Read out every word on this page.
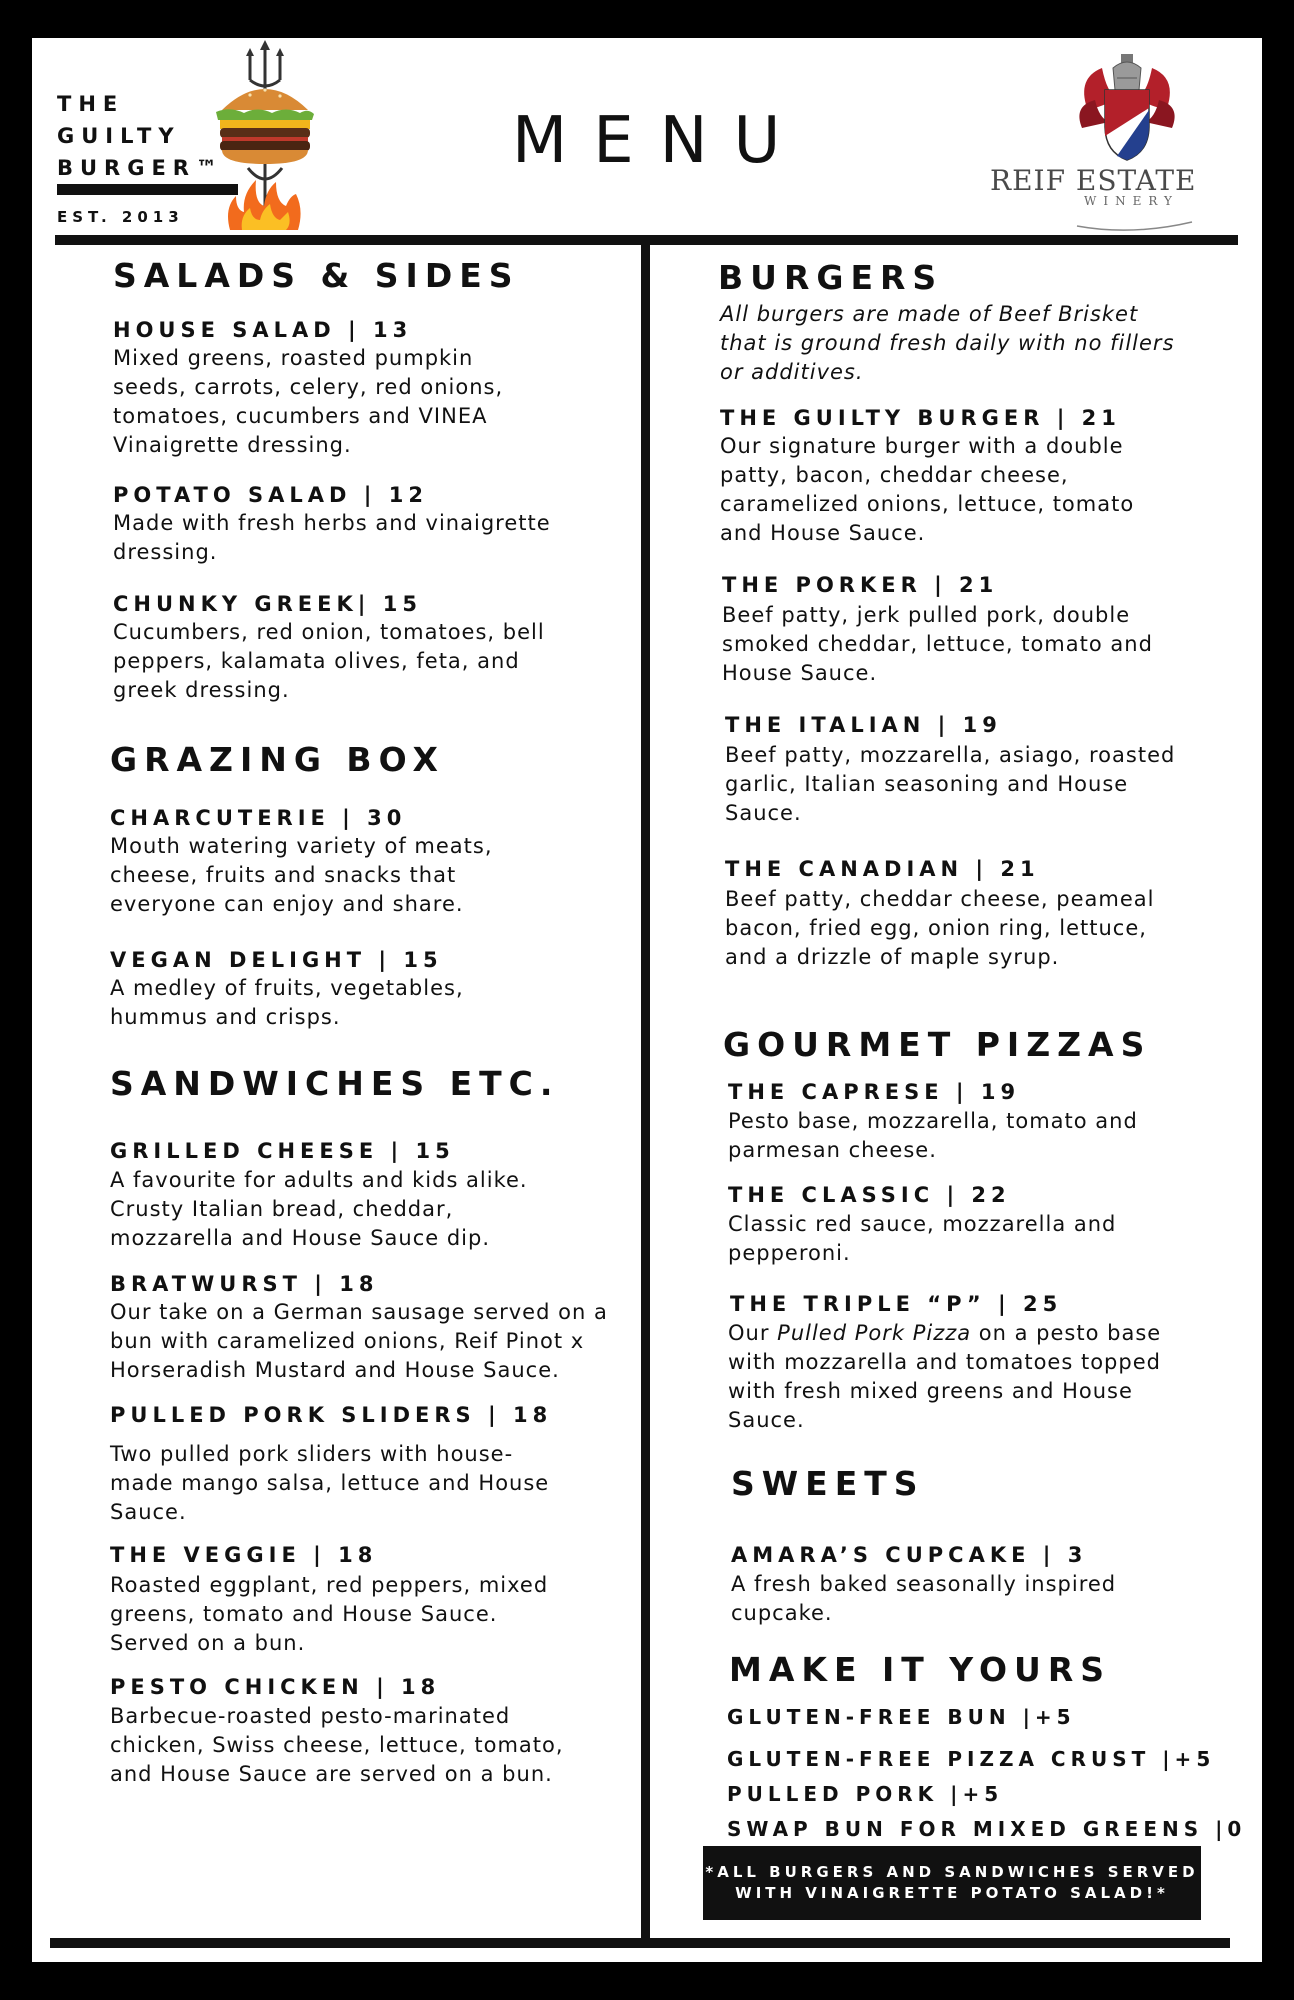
THE
GUILTY
BURGER™
EST. 2013
MENU
REIF ESTATE
WINERY
SALADS & SIDES
HOUSE SALAD | 13
Mixed greens, roasted pumpkin seeds, carrots, celery, red onions, tomatoes, cucumbers and VINEA Vinaigrette dressing.
POTATO SALAD | 12
Made with fresh herbs and vinaigrette dressing.
CHUNKY GREEK| 15
Cucumbers, red onion, tomatoes, bell peppers, kalamata olives, feta, and greek dressing.
GRAZING BOX
CHARCUTERIE | 30
Mouth watering variety of meats, cheese, fruits and snacks that everyone can enjoy and share.
VEGAN DELIGHT | 15
A medley of fruits, vegetables, hummus and crisps.
SANDWICHES ETC.
GRILLED CHEESE | 15
A favourite for adults and kids alike. Crusty Italian bread, cheddar, mozzarella and House Sauce dip.
BRATWURST | 18
Our take on a German sausage served on a bun with caramelized onions, Reif Pinot x Horseradish Mustard and House Sauce.
PULLED PORK SLIDERS | 18
Two pulled pork sliders with house-made mango salsa, lettuce and House Sauce.
THE VEGGIE | 18
Roasted eggplant, red peppers, mixed greens, tomato and House Sauce. Served on a bun.
PESTO CHICKEN | 18
Barbecue-roasted pesto-marinated chicken, Swiss cheese, lettuce, tomato, and House Sauce are served on a bun.
BURGERS
All burgers are made of Beef Brisket that is ground fresh daily with no fillers or additives.
THE GUILTY BURGER | 21
Our signature burger with a double patty, bacon, cheddar cheese, caramelized onions, lettuce, tomato and House Sauce.
THE PORKER | 21
Beef patty, jerk pulled pork, double smoked cheddar, lettuce, tomato and House Sauce.
THE ITALIAN | 19
Beef patty, mozzarella, asiago, roasted garlic, Italian seasoning and House Sauce.
THE CANADIAN | 21
Beef patty, cheddar cheese, peameal bacon, fried egg, onion ring, lettuce, and a drizzle of maple syrup.
GOURMET PIZZAS
THE CAPRESE | 19
Pesto base, mozzarella, tomato and parmesan cheese.
THE CLASSIC | 22
Classic red sauce, mozzarella and pepperoni.
THE TRIPLE “P” | 25
Our Pulled Pork Pizza on a pesto base with mozzarella and tomatoes topped with fresh mixed greens and House Sauce.
SWEETS
AMARA’S CUPCAKE | 3
A fresh baked seasonally inspired cupcake.
MAKE IT YOURS
GLUTEN-FREE BUN |+5
GLUTEN-FREE PIZZA CRUST |+5
PULLED PORK |+5
SWAP BUN FOR MIXED GREENS |0
*ALL BURGERS AND SANDWICHES SERVED
WITH VINAIGRETTE POTATO SALAD!*
